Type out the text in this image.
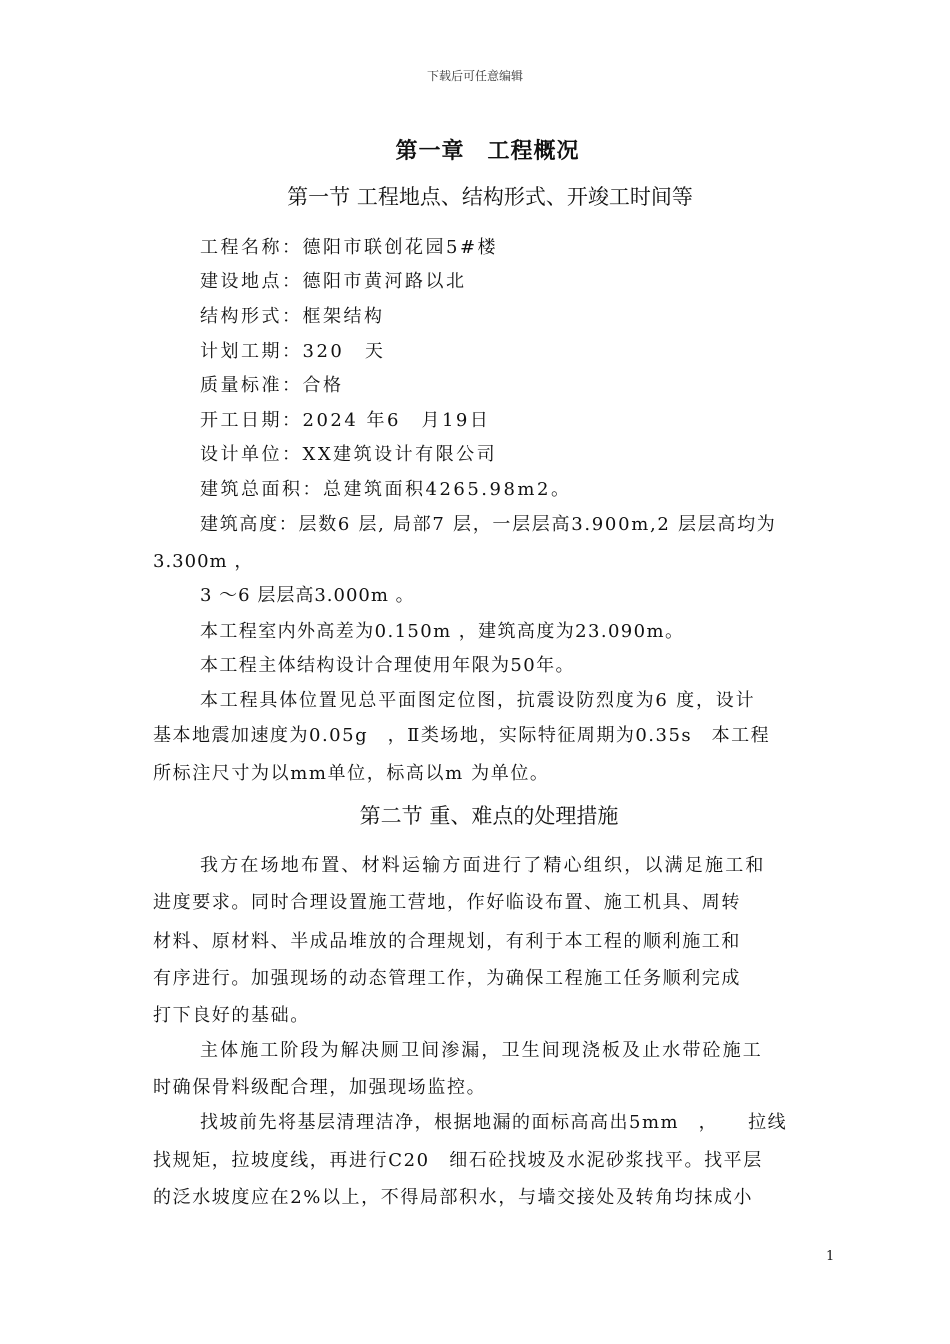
下载后可任意编辑
第一章　工程概况
第一节 工程地点、结构形式、开竣工时间等
工程名称：德阳市联创花园5#楼
建设地点：德阳市黄河路以北
结构形式：框架结构
计划工期：320　天
质量标准：合格
开工日期：2024 年6　月19日
设计单位：XX建筑设计有限公司
建筑总面积：总建筑面积4265.98m2。
建筑高度：层数6 层, 局部7 层，一层层高3.900m,2 层层高均为
3.300m ，
3 ～6 层层高3.000m 。
本工程室内外高差为0.150m ，建筑高度为23.090m。
本工程主体结构设计合理使用年限为50年。
本工程具体位置见总平面图定位图，抗震设防烈度为6 度，设计
基本地震加速度为0.05g　，Ⅱ类场地，实际特征周期为0.35s　本工程
所标注尺寸为以mm单位，标高以m 为单位。
第二节 重、难点的处理措施
我方在场地布置、材料运输方面进行了精心组织，以满足施工和
进度要求。同时合理设置施工营地，作好临设布置、施工机具、周转
材料、原材料、半成品堆放的合理规划，有利于本工程的顺利施工和
有序进行。加强现场的动态管理工作，为确保工程施工任务顺利完成
打下良好的基础。
主体施工阶段为解决厕卫间渗漏，卫生间现浇板及止水带砼施工
时确保骨料级配合理，加强现场监控。
找坡前先将基层清理洁净，根据地漏的面标高高出5mm　，　　拉线
找规矩，拉坡度线，再进行C20　细石砼找坡及水泥砂浆找平。找平层
的泛水坡度应在2%以上，不得局部积水，与墙交接处及转角均抹成小
1
